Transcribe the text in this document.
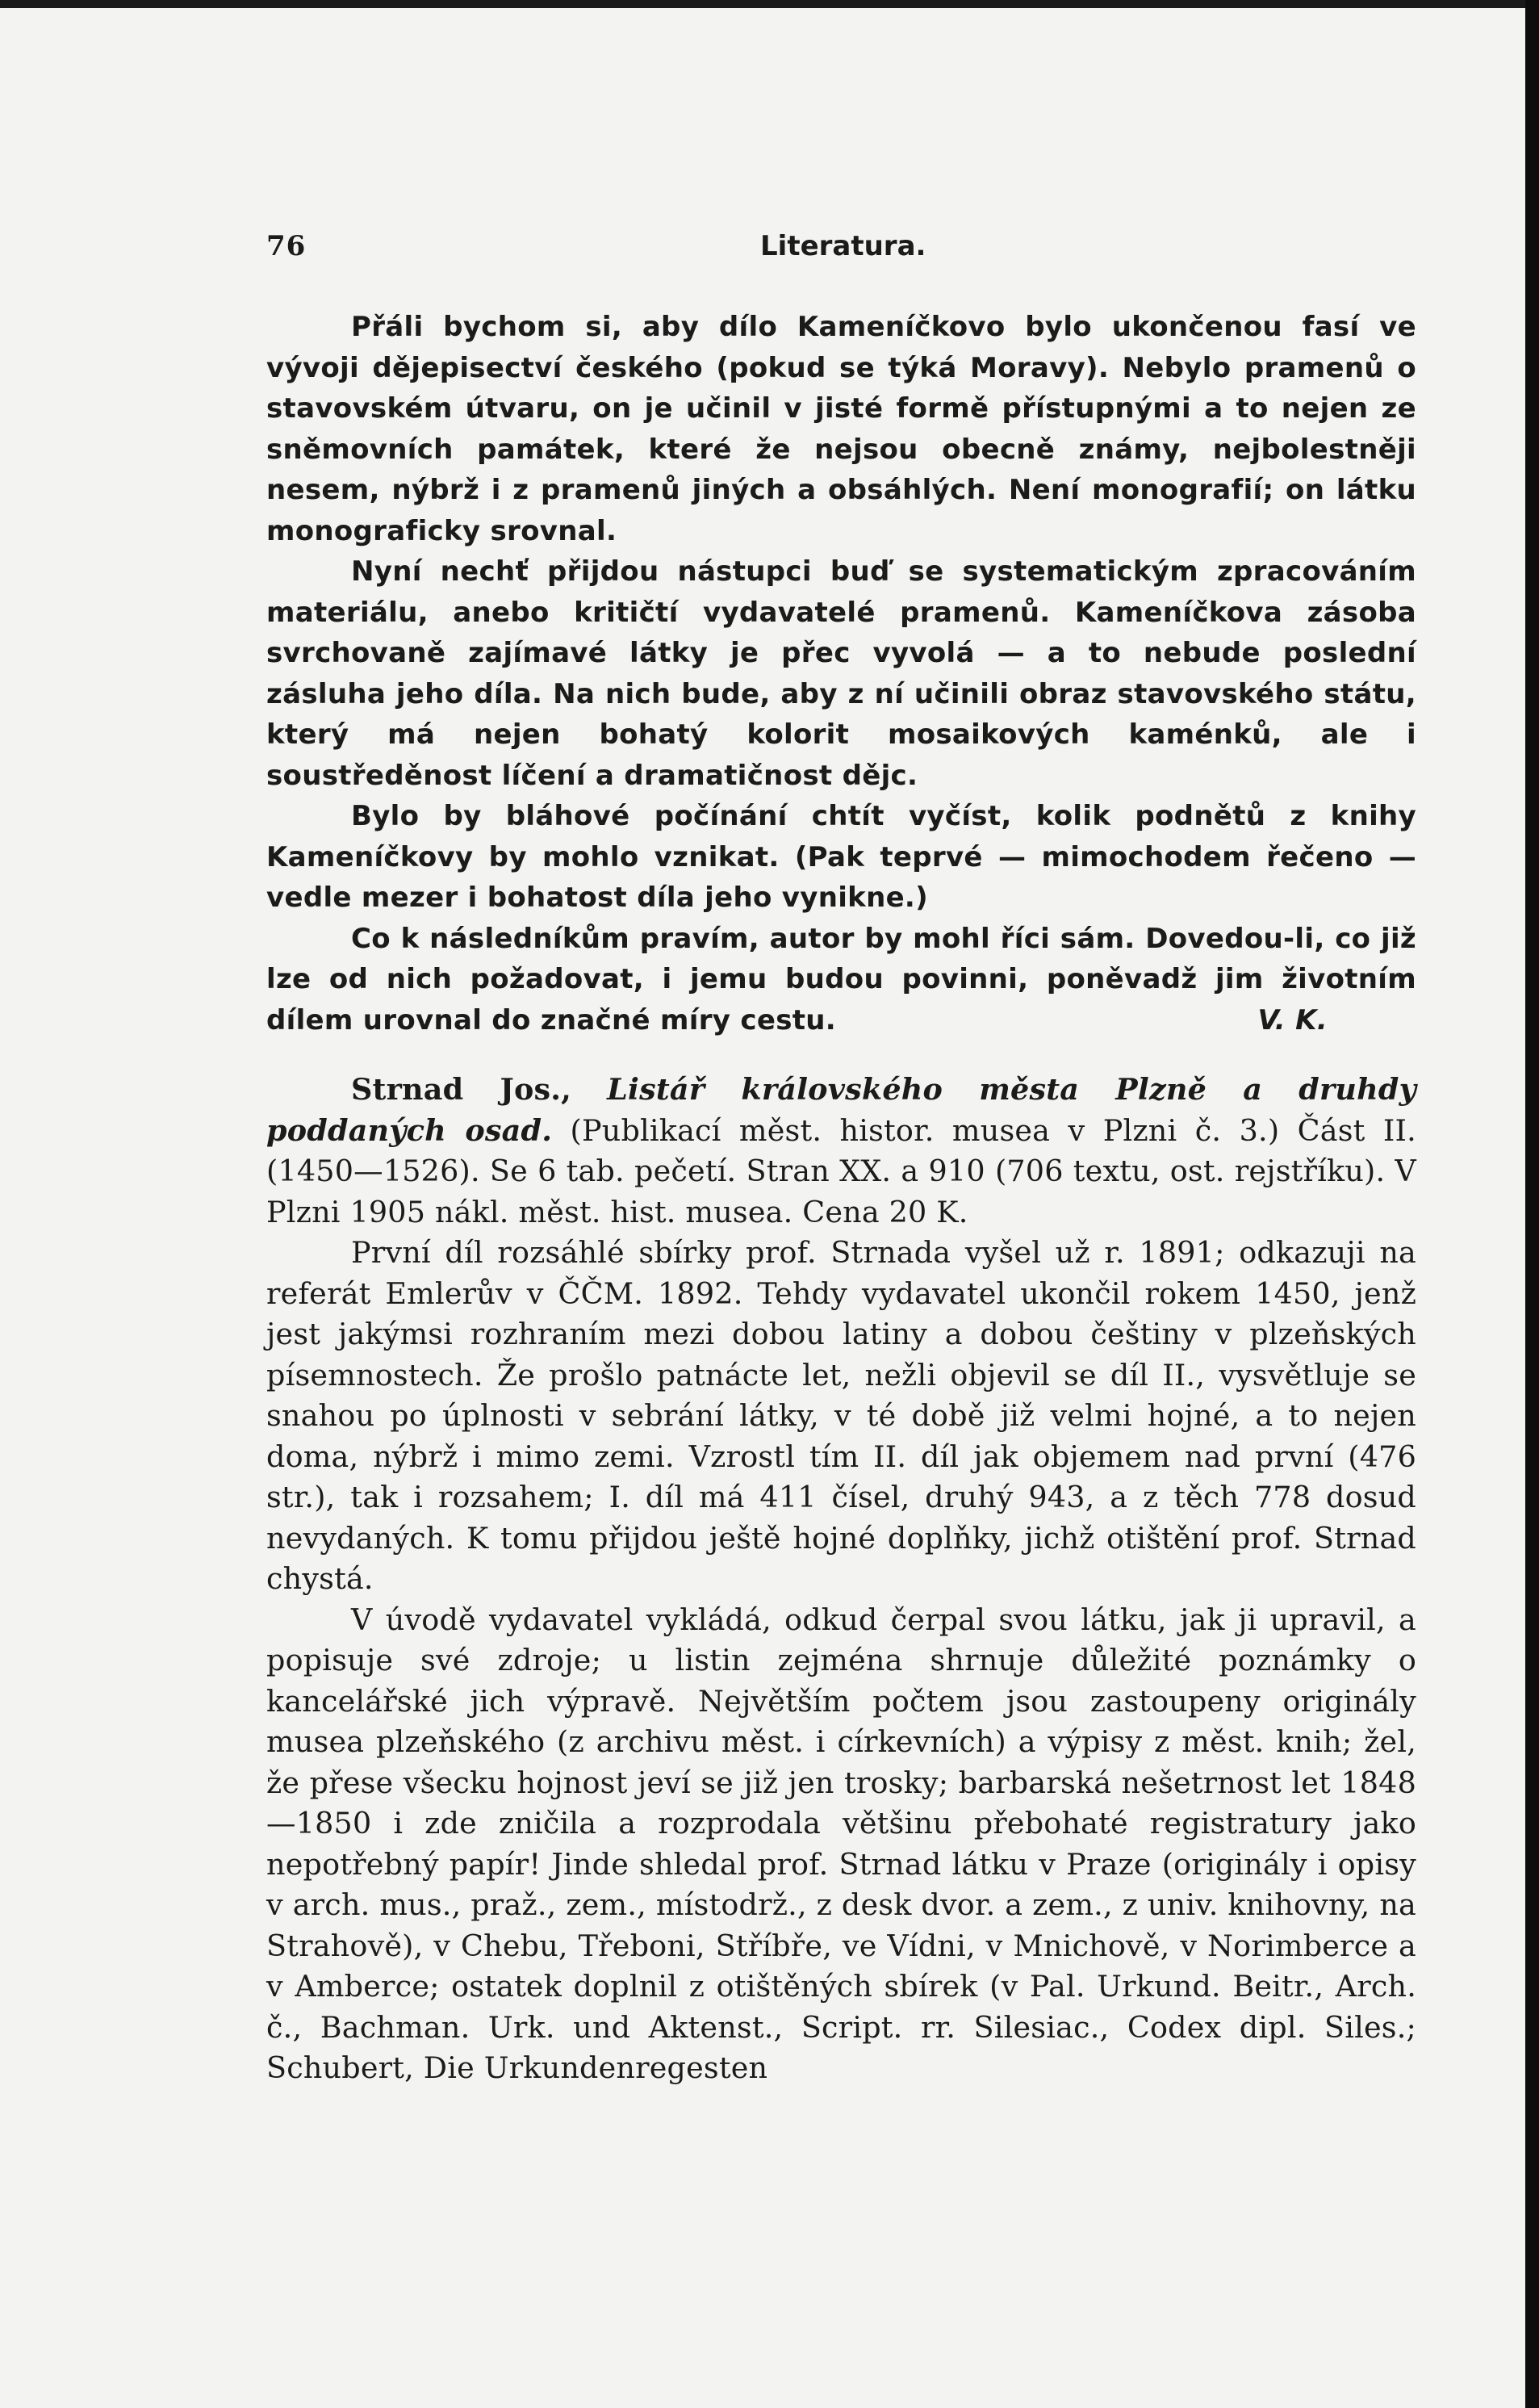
76	Literatura.

Přáli bychom si, aby dílo Kameníčkovo bylo ukončenou fasí ve vývoji dějepisectví českého (pokud se týká Moravy). Nebylo pramenů o stavovském útvaru, on je učinil v jisté formě přístupnými a to nejen ze sněmovních památek, které že nejsou obecně známy, nejbolestněji nesem, nýbrž i z pramenů jiných a obsáhlých. Není monografií; on látku monograficky srovnal.

Nyní nechť přijdou nástupci buď se systematickým zpracováním materiálu, anebo kritičtí vydavatelé pramenů. Kameníčkova zásoba svrchovaně zajímavé látky je přec vyvolá — a to nebude poslední zásluha jeho díla. Na nich bude, aby z ní učinili obraz stavovského státu, který má nejen bohatý kolorit mosaikových kaménků, ale i soustředěnost líčení a dramatičnost dějc.

Bylo by bláhové počínání chtít vyčíst, kolik podnětů z knihy Kameníčkovy by mohlo vznikat. (Pak teprvé — mimochodem řečeno — vedle mezer i bohatost díla jeho vynikne.)

Co k následníkům pravím, autor by mohl říci sám. Dovedou-li, co již lze od nich požadovat, i jemu budou povinni, poněvadž jim životním dílem urovnal do značné míry cestu.	V. K.

Strnad Jos., Listář královského města Plzně a druhdy poddaných osad. (Publikací měst. histor. musea v Plzni č. 3.) Část II. (1450—1526). Se 6 tab. pečetí. Stran XX. a 910 (706 textu, ost. rejstříku). V Plzni 1905 nákl. měst. hist. musea. Cena 20 K.

První díl rozsáhlé sbírky prof. Strnada vyšel už r. 1891; odkazuji na referát Emlerův v ČČM. 1892. Tehdy vydavatel ukončil rokem 1450, jenž jest jakýmsi rozhraním mezi dobou latiny a dobou češtiny v plzeňských písemnostech. Že prošlo patnácte let, nežli objevil se díl II., vysvětluje se snahou po úplnosti v sebrání látky, v té době již velmi hojné, a to nejen doma, nýbrž i mimo zemi. Vzrostl tím II. díl jak objemem nad první (476 str.), tak i rozsahem; I. díl má 411 čísel, druhý 943, a z těch 778 dosud nevydaných. K tomu přijdou ještě hojné doplňky, jichž otištění prof. Strnad chystá.

V úvodě vydavatel vykládá, odkud čerpal svou látku, jak ji upravil, a popisuje své zdroje; u listin zejména shrnuje důležité poznámky o kancelářské jich výpravě. Největším počtem jsou zastoupeny originály musea plzeňského (z archivu měst. i církevních) a výpisy z měst. knih; žel, že přese všecku hojnost jeví se již jen trosky; barbarská nešetrnost let 1848—1850 i zde zničila a rozprodala většinu přebohaté registratury jako nepotřebný papír! Jinde shledal prof. Strnad látku v Praze (originály i opisy v arch. mus., praž., zem., místodrž., z desk dvor. a zem., z univ. knihovny, na Strahově), v Chebu, Třeboni, Stříbře, ve Vídni, v Mnichově, v Norimberce a v Amberce; ostatek doplnil z otištěných sbírek (v Pal. Urkund. Beitr., Arch. č., Bachman. Urk. und Aktenst., Script. rr. Silesiac., Codex dipl. Siles.; Schubert, Die Urkundenregesten
